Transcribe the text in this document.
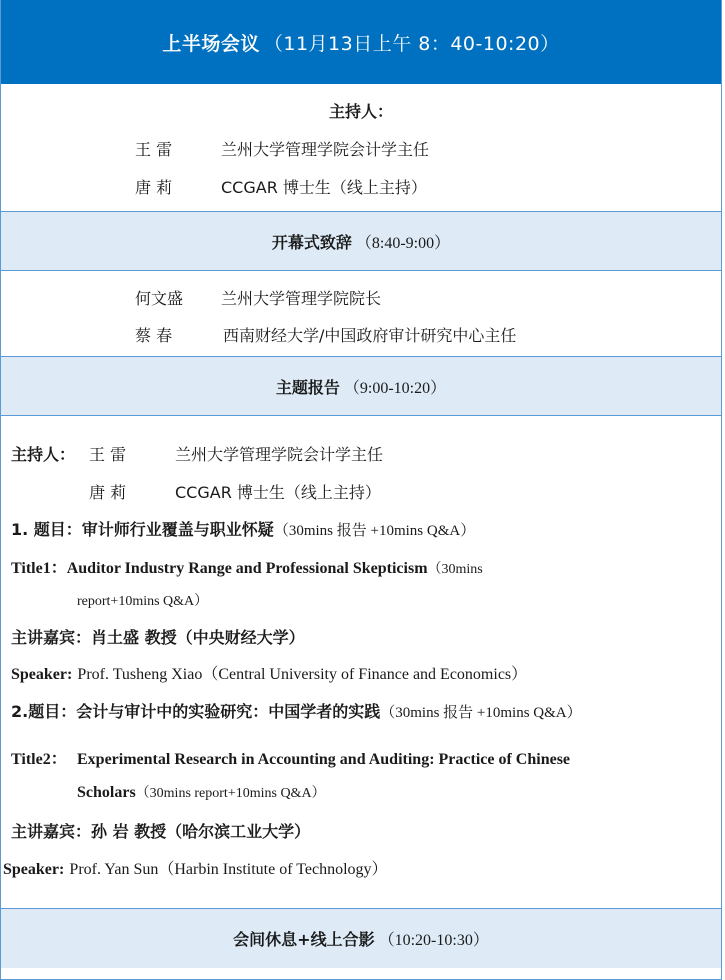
上半场会议 （11月13日上午 8：40-10:20）
主持人：
王 雷	兰州大学管理学院会计学主任
唐 莉	CCGAR 博士生（线上主持）
开幕式致辞 （8:40-9:00）
何文盛 兰州大学管理学院院长
蔡 春	西南财经大学/中国政府审计研究中心主任
主题报告 （9:00-10:20）
主持人： 王 雷	兰州大学管理学院会计学主任
唐 莉	CCGAR 博士生（线上主持）
1. 题目：审计师行业覆盖与职业怀疑（30mins 报告 +10mins Q&A）
Title1：Auditor Industry Range and Professional Skepticism（30mins
report+10mins Q&A）
主讲嘉宾：肖土盛 教授（中央财经大学）
Speaker: Prof. Tusheng Xiao（Central University of Finance and Economics）
2.题目：会计与审计中的实验研究：中国学者的实践（30mins 报告 +10mins Q&A）
Title2： Experimental Research in Accounting and Auditing: Practice of Chinese
Scholars（30mins report+10mins Q&A）
主讲嘉宾：孙 岩 教授（哈尔滨工业大学）
Speaker: Prof. Yan Sun（Harbin Institute of Technology）
会间休息+线上合影 （10:20-10:30）
